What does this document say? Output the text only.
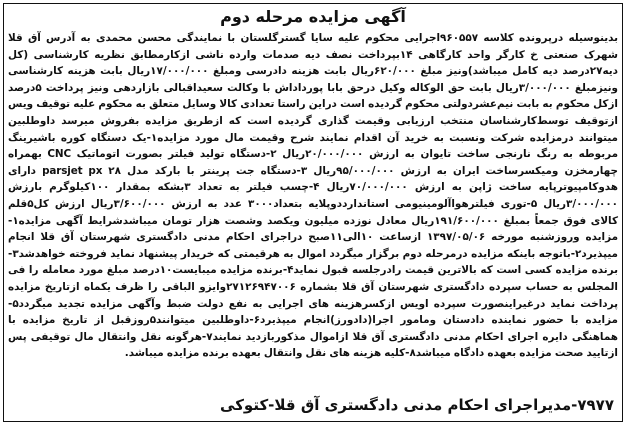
آگهی مزایده مرحله دوم

بدینوسیله درپرونده کلاسه ۹۶۰۵۵۷اجرایی محکوم علیه سایا گسترگلستان با نمایندگی محسن محمدی به آدرس آق قلا شهرک صنعتی خ کارگر واحد کارگاهی ۱۴بپرداخت نصف دیه صدمات وارده ناشی ازکارمطابق نظریه کارشناسی (کل دیه۲۷درصد دیه کامل میباشد)ونیز مبلغ ۶۲۰/۰۰۰ریال بابت هزینه دادرسی ومبلغ ۱۷/۰۰۰/۰۰۰ریال بابت هزینه کارشناسی ونیزمبلغ ۳/۰۰۰/۰۰۰ریال بابت حق الوکاله وکیل درحق بابا پورداداش با وکالت سعیداقبالی بازاردهی ونیز پرداخت ۵درصد ازکل محکوم به بابت نیم‌عشردولتی محکوم گردیده است دراین راستا تعدادی کالا وسایل متعلق به محکوم علیه توقیف ویس ازتوقیف توسط‌کارشناسان منتخب ارزیابی وقیمت گذاری گردیده است که ازطریق مزایده بفروش میرسد داوطلبین میتوانند درمزایده شرکت ونسبت به خرید آن اقدام نمایند شرح وقیمت مال مورد مزایده۱-یک دستگاه کوره باشیرینگ مربوطه به رنگ نارنجی ساخت تایوان به ارزش ۲۰/۰۰۰/۰۰۰ریال ۲-دستگاه تولید فیلتر بصورت اتوماتیک CNC بهمراه چهارمخزن ومیکسرساخت ایران به ارزش ۹۵/۰۰۰/۰۰۰ریال ۳-دستگاه جت پرینتر با بارکد مدل parsjet px ۲۸ دارای هدوکامپیوترپایه ساخت ژاپن به ارزش ۷۰/۰۰۰/۰۰۰ریال ۴-چسب فیلتر به تعداد ۳بشکه بمقدار ۱۰۰کیلوگرم بارزش ۳/۰۰۰/۰۰۰ریال ۵-توری فیلترهواآلومینیومی استاندارددوپلایه بتعداد۳۰۰۰ عدد به ارزش ۳/۶۰۰/۰۰۰ریال ارزش کل۵قلم کالای فوق جمعاً بمبلغ ۱۹۱/۶۰۰/۰۰۰ریال معادل نوزده میلیون ویکصد وشصت هزار تومان میباشد‌شرایط آگهی مزایده۱-مزایده وروزشنبه مورخه ۱۳۹۷/۰۵/۰۶ ازساعت ۱۰الی۱۱صبح دراجرای احکام مدنی دادگستری شهرستان آق قلا انجام میپذیرد۲-باتوجه باینکه مزایده درمرحله دوم برگزار میگردد اموال به هرقیمتی که خریدار پیشنهاد نماید فروخته خواهدشد۳-برنده مزایده کسی است که بالاترین قیمت رادرجلسه قبول نماید۴-برنده مزایده میبایست۱۰درصد مبلغ مورد معامله را فی المجلس به حساب سپرده دادگستری شهرستان آق قلا بشماره ۲۷۱۲۶۹۴۷۰۰۶وایزو الباقی را ظرف یکماه ازتاریخ مزایده پرداخت نماید درغیراینصورت سپرده اویس ازکسرهزینه های اجرایی به نفع دولت ضبط وآگهی مزایده تجدید میگردد۵-مزایده با حضور نماینده دادستان ومامور اجرا(دادورز)انجام میپذیرد۶-داوطلبین میتوانند۵روزقبل از تاریخ مزایده با هماهنگی دایره اجرای احکام مدنی دادگستری آق قلا ازاموال مذکوربازدید نمایند۷-هرگونه نقل وانتقال مال توقیفی پس ازتایید صحت مزایده بعهده دادگاه میباشد۸-کلیه هزینه های نقل وانتقال بعهده برنده مزایده میباشد.

۷۹۷۷-مدیراجرای احکام مدنی دادگستری آق قلا-کتوکی
